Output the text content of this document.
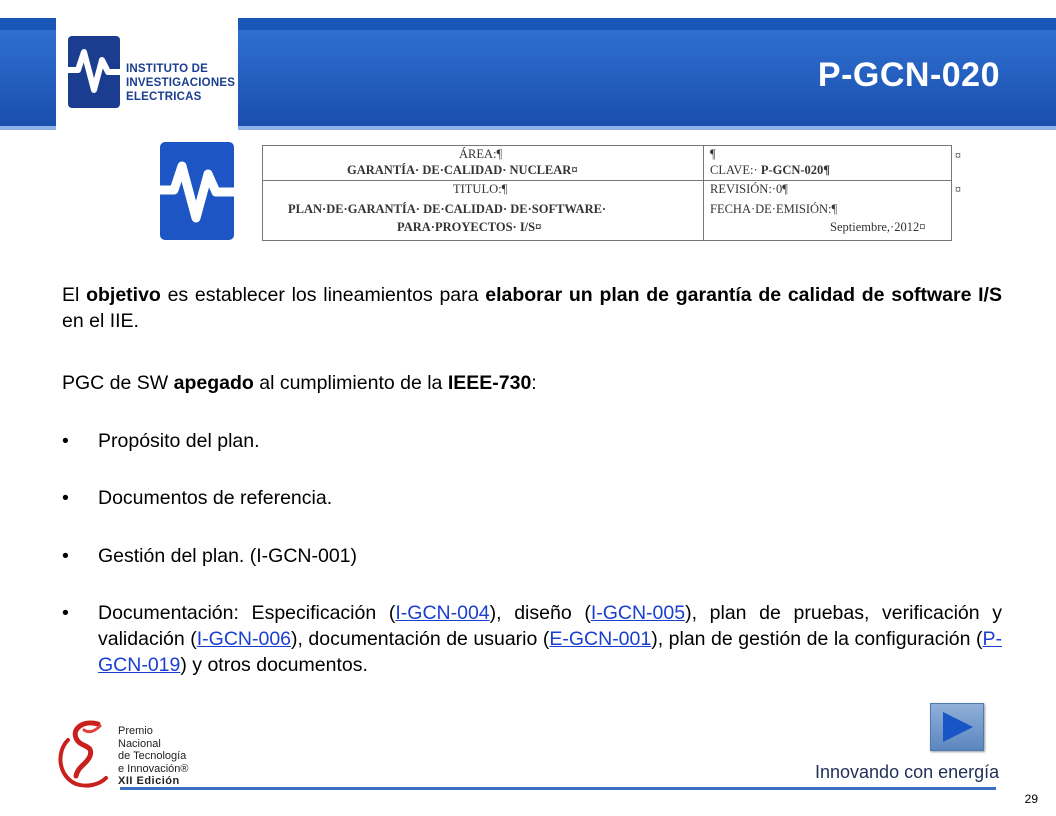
INSTITUTO DE
INVESTIGACIONES
ELECTRICAS
P-GCN-020
ÁREA:¶
GARANTÍA· DE·CALIDAD· NUCLEAR¤
TITULO:¶
PLAN·DE·GARANTÍA· DE·CALIDAD· DE·SOFTWARE·
PARA·PROYECTOS· I/S¤
¶
CLAVE:· P-GCN-020¶
REVISIÓN:·0¶
FECHA·DE·EMISIÓN:¶
Septiembre,·2012¤
¤
¤
El objetivo es establecer los lineamientos para elaborar un plan de garantía de calidad de software I/S en el IIE.
PGC de SW apegado al cumplimiento de la IEEE-730:
• Propósito del plan.
• Documentos de referencia.
• Gestión del plan. (I-GCN-001)
• Documentación: Especificación (I-GCN-004), diseño (I-GCN-005), plan de pruebas, verificación y validación (I-GCN-006), documentación de usuario (E-GCN-001), plan de gestión de la configuración (P-GCN-019) y otros documentos.
Premio
Nacional
de Tecnología
e Innovación®
XII Edición	Innovando con energía
29
